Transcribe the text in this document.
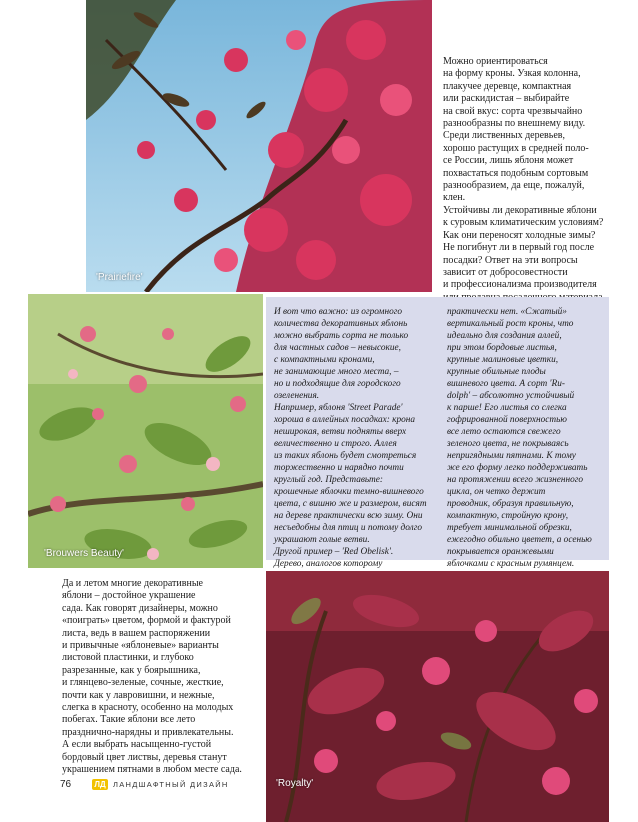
'Prairiefire'

Можно ориентироваться

на форму кроны. Узкая колонна,

плакучее деревце, компактная

или раскидистая – выбирайте

на свой вкус: сорта чрезвычайно

разнообразны по внешнему виду.

Среди лиственных деревьев,

хорошо растущих в средней поло-

се России, лишь яблоня может

похвастаться подобным сортовым

разнообразием, да еще, пожалуй,

клен.

Устойчивы ли декоративные яблони

к суровым климатическим условиям?

Как они переносят холодные зимы?

Не погибнут ли в первый год после

посадки? Ответ на эти вопросы

зависит от добросовестности

и профессионализма производителя

'Brouwers Beauty'

И вот что важно: из огромного

количества декоративных яблонь

можно выбрать сорта не только

для частных садов – невысокие,

с компактными кронами,

не занимающие много места, –

но и подходящие для городского

озеленения.

Например, яблоня 'Street Parade'

хороша в аллейных посадках: крона

неширокая, ветви подняты вверх

величественно и строго. Аллея

из таких яблонь будет смотреться

торжественно и нарядно почти

круглый год. Представьте:

крошечные яблочки темно-вишневого

цвета, с вишню же и размером, висят

на дереве практически всю зиму. Они

несъедобны для птиц и потому долго

украшают голые ветви.

Другой пример – 'Red Obelisk'.

Дерево, аналогов которому

практически нет. «Сжатый»

вертикальный рост кроны, что

идеально для создания аллей,

при этом бордовые листья,

крупные малиновые цветки,

крупные обильные плоды

вишневого цвета. А сорт 'Ru-

dolph' – абсолютно устойчивый

к парше! Его листья со слегка

гофрированной поверхностью

все лето остаются свежего

зеленого цвета, не покрываясь

непригядными пятнами. К тому

же его форму легко поддерживать

на протяжении всего жизненного

цикла, он четко держит

проводник, образуя правильную,

компактную, стройную крону,

требует минимальной обрезки,

ежегодно обильно цветет, а осенью

покрывается оранжевыми

яблочками с красным румянцем.

Да и летом многие декоративные

яблони – достойное украшение

сада. Как говорят дизайнеры, можно

«поиграть» цветом, формой и фактурой

листа, ведь в вашем распоряжении

и привычные «яблоневые» варианты

листовой пластинки, и глубоко

разрезанные, как у боярышника,

и глянцево-зеленые, сочные, жесткие,

почти как у лавровишни, и нежные,

слегка в красноту, особенно на молодых

побегах. Такие яблони все лето

празднично-нарядны и привлекательны.

А если выбрать насыщенно-густой

бордовый цвет листвы, деревья станут

украшением пятнами в любом месте сада.

'Royalty'
76	ЛД ЛАНДШАФТНЫЙ ДИЗАЙН
